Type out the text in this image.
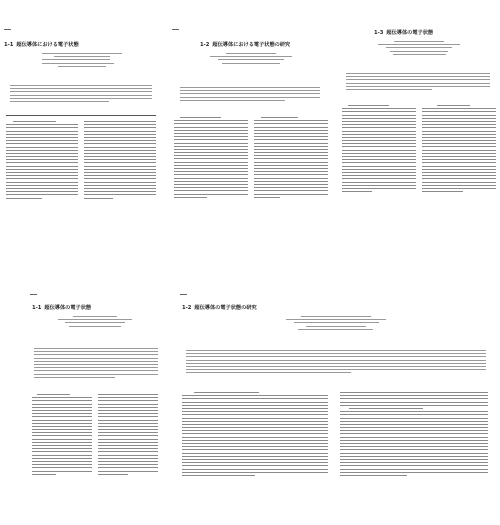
1-1 超伝導体における電子状態	1-2 超伝導体における電子状態の研究
1-3 超伝導体の電子状態
1-1 超伝導体の電子状態	1-2 超伝導体の電子状態の研究
